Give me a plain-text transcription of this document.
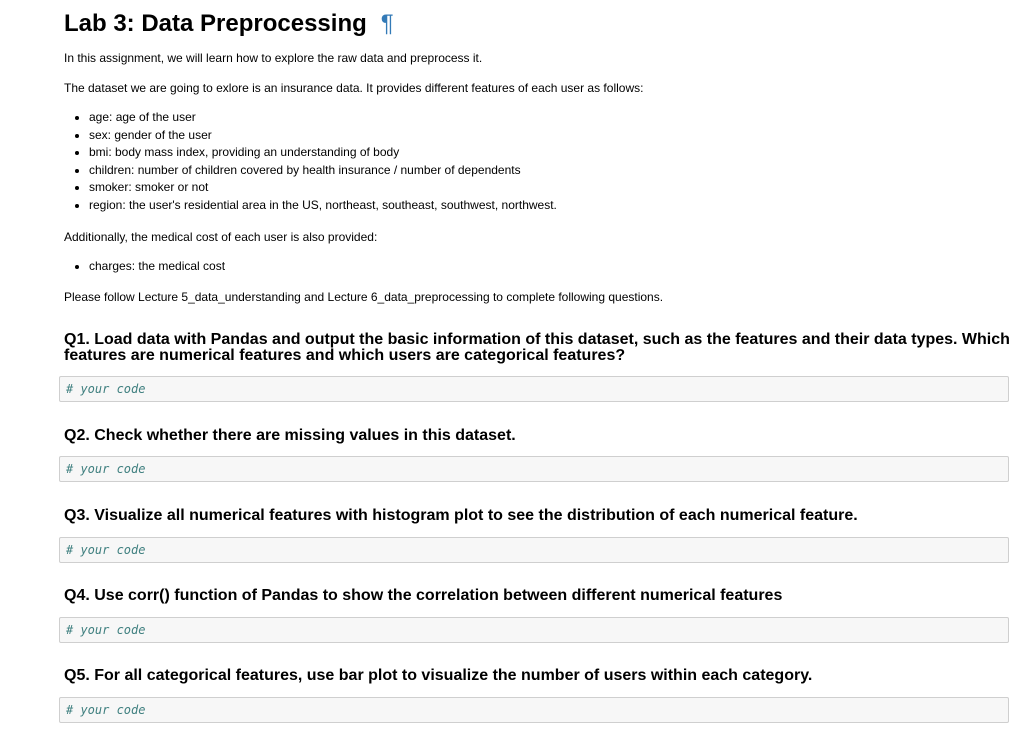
Lab 3: Data Preprocessing ¶
In this assignment, we will learn how to explore the raw data and preprocess it.
The dataset we are going to exlore is an insurance data. It provides different features of each user as follows:
age: age of the user
sex: gender of the user
bmi: body mass index, providing an understanding of body
children: number of children covered by health insurance / number of dependents
smoker: smoker or not
region: the user's residential area in the US, northeast, southeast, southwest, northwest.
Additionally, the medical cost of each user is also provided:
charges: the medical cost
Please follow Lecture 5_data_understanding and Lecture 6_data_preprocessing to complete following questions.
Q1. Load data with Pandas and output the basic information of this dataset, such as the features and their data types. Which features are numerical features and which users are categorical features?
# your code
Q2. Check whether there are missing values in this dataset.
# your code
Q3. Visualize all numerical features with histogram plot to see the distribution of each numerical feature.
# your code
Q4. Use corr() function of Pandas to show the correlation between different numerical features
# your code
Q5. For all categorical features, use bar plot to visualize the number of users within each category.
# your code
